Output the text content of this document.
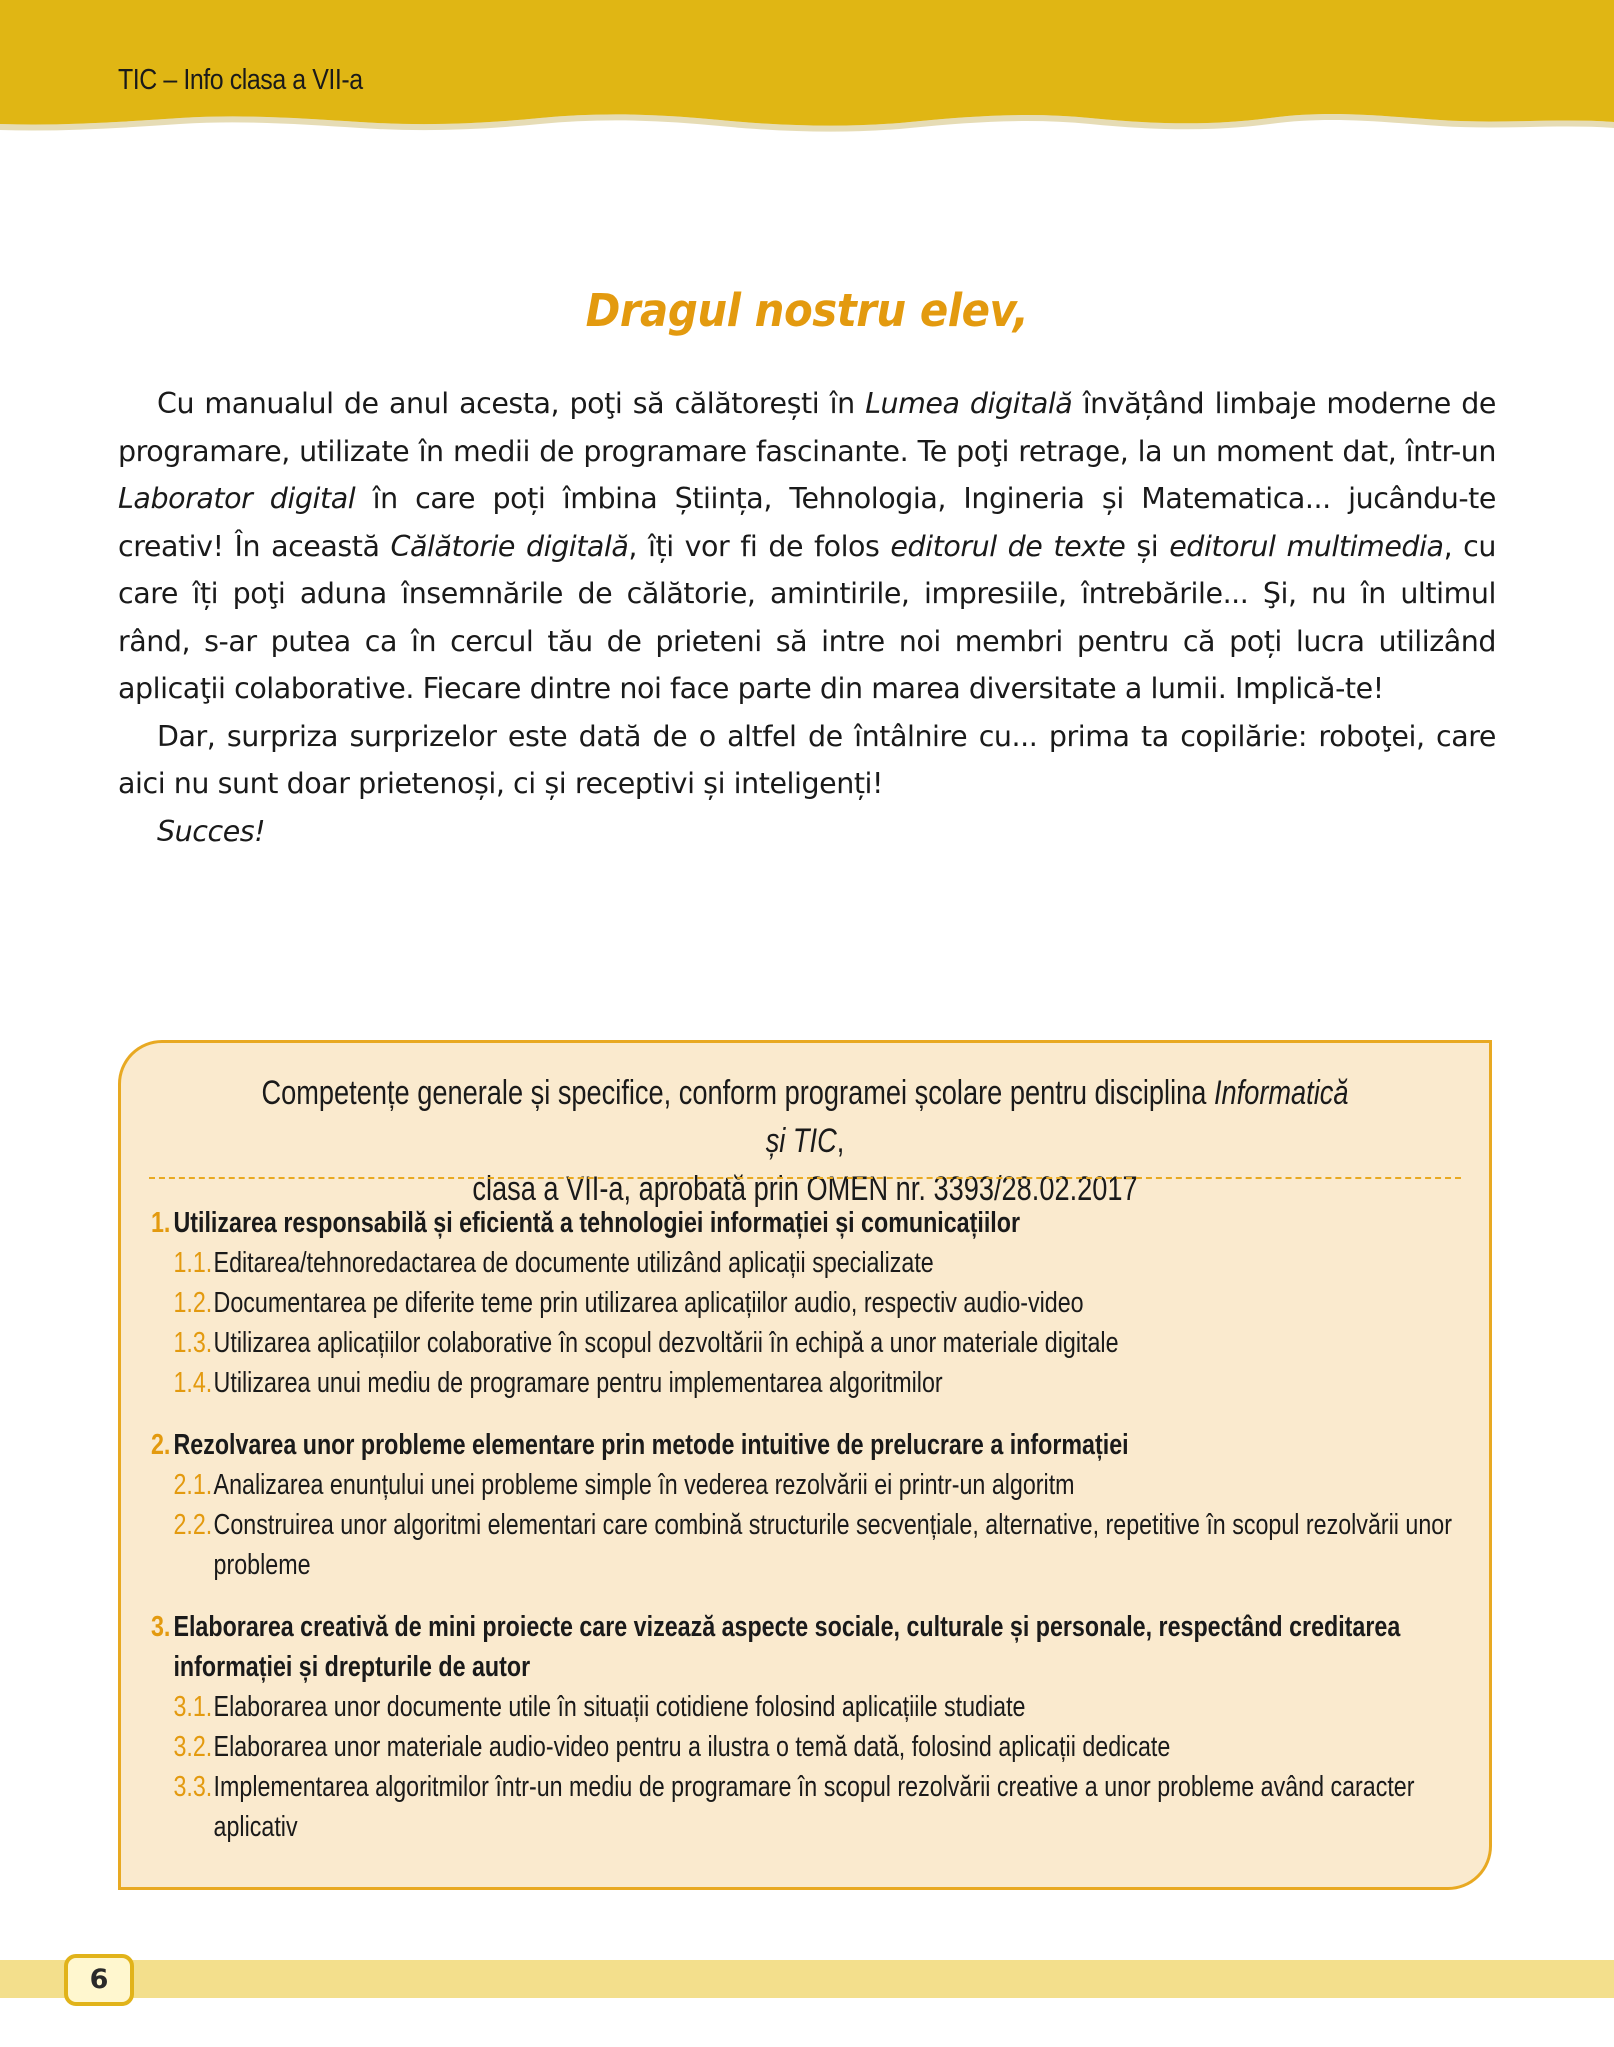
TIC – Info clasa a VII-a
Dragul nostru elev,

Cu manualul de anul acesta, poţi să călătorești în Lumea digitală învățând limbaje moderne de programare, utilizate în medii de programare fascinante. Te poţi retrage, la un moment dat, într-un Laborator digital în care poți îmbina Știința, Tehnologia, Ingineria și Matematica... jucându-te creativ! În această Călătorie digitală, îți vor fi de folos editorul de texte și editorul multimedia, cu care îți poţi aduna însemnările de călătorie, amintirile, impresiile, întrebările... Şi, nu în ultimul rând, s-ar putea ca în cercul tău de prieteni să intre noi membri pentru că poți lucra utilizând aplicaţii colaborative. Fiecare dintre noi face parte din marea diversitate a lumii. Implică-te!

Dar, surpriza surprizelor este dată de o altfel de întâlnire cu... prima ta copilărie: roboţei, care aici nu sunt doar prietenoși, ci și receptivi și inteligenți!

Succes!

Competențe generale și specifice, conform programei școlare pentru disciplina Informatică și TIC,
clasa a VII-a, aprobată prin OMEN nr. 3393/28.02.2017
1. Utilizarea responsabilă și eficientă a tehnologiei informației și comunicațiilor
1.1. Editarea/tehnoredactarea de documente utilizând aplicații specializate
1.2. Documentarea pe diferite teme prin utilizarea aplicațiilor audio, respectiv audio-video
1.3. Utilizarea aplicațiilor colaborative în scopul dezvoltării în echipă a unor materiale digitale
1.4. Utilizarea unui mediu de programare pentru implementarea algoritmilor
2. Rezolvarea unor probleme elementare prin metode intuitive de prelucrare a informației
2.1. Analizarea enunțului unei probleme simple în vederea rezolvării ei printr-un algoritm
2.2. Construirea unor algoritmi elementari care combină structurile secvențiale, alternative, repetitive în scopul rezolvării unor probleme
3. Elaborarea creativă de mini proiecte care vizează aspecte sociale, culturale și personale, respectând creditarea informației și drepturile de autor
3.1. Elaborarea unor documente utile în situații cotidiene folosind aplicațiile studiate
3.2. Elaborarea unor materiale audio-video pentru a ilustra o temă dată, folosind aplicații dedicate
3.3. Implementarea algoritmilor într-un mediu de programare în scopul rezolvării creative a unor probleme având caracter aplicativ
6
